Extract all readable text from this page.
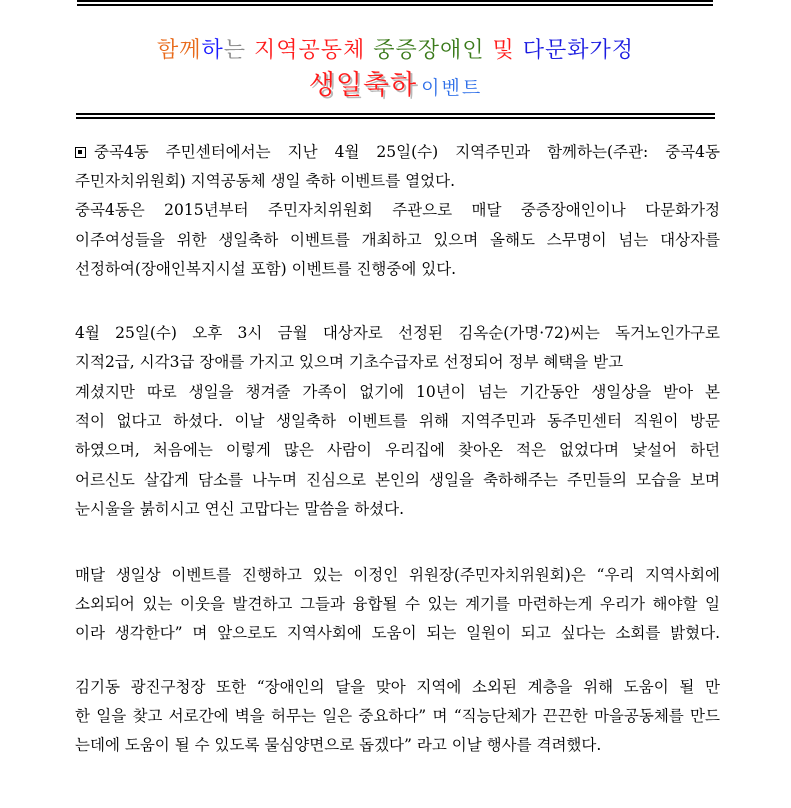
함께하는 지역공동체 중증장애인 및 다문화가정
생일축하 이벤트
중곡4동 주민센터에서는 지난 4월 25일(수) 지역주민과 함께하는(주관: 중곡4동
주민자치위원회) 지역공동체 생일 축하 이벤트를 열었다.
중곡4동은 2015년부터 주민자치위원회 주관으로 매달 중증장애인이나 다문화가정
이주여성들을 위한 생일축하 이벤트를 개최하고 있으며 올해도 스무명이 넘는 대상자를
선정하여(장애인복지시설 포함) 이벤트를 진행중에 있다.
4월 25일(수) 오후 3시 금월 대상자로 선정된 김옥순(가명·72)씨는 독거노인가구로
지적2급, 시각3급 장애를 가지고 있으며 기초수급자로 선정되어 정부 혜택을 받고
계셨지만 따로 생일을 챙겨줄 가족이 없기에 10년이 넘는 기간동안 생일상을 받아 본
적이 없다고 하셨다. 이날 생일축하 이벤트를 위해 지역주민과 동주민센터 직원이 방문
하였으며, 처음에는 이렇게 많은 사람이 우리집에 찾아온 적은 없었다며 낯설어 하던
어르신도 살갑게 담소를 나누며 진심으로 본인의 생일을 축하해주는 주민들의 모습을 보며
눈시울을 붉히시고 연신 고맙다는 말씀을 하셨다.
매달 생일상 이벤트를 진행하고 있는 이정인 위원장(주민자치위원회)은 “우리 지역사회에
소외되어 있는 이웃을 발견하고 그들과 융합될 수 있는 계기를 마련하는게 우리가 해야할 일
이라 생각한다” 며 앞으로도 지역사회에 도움이 되는 일원이 되고 싶다는 소회를 밝혔다.
김기동 광진구청장 또한 “장애인의 달을 맞아 지역에 소외된 계층을 위해 도움이 될 만
한 일을 찾고 서로간에 벽을 허무는 일은 중요하다” 며 “직능단체가 끈끈한 마을공동체를 만드
는데에 도움이 될 수 있도록 물심양면으로 돕겠다” 라고 이날 행사를 격려했다.
